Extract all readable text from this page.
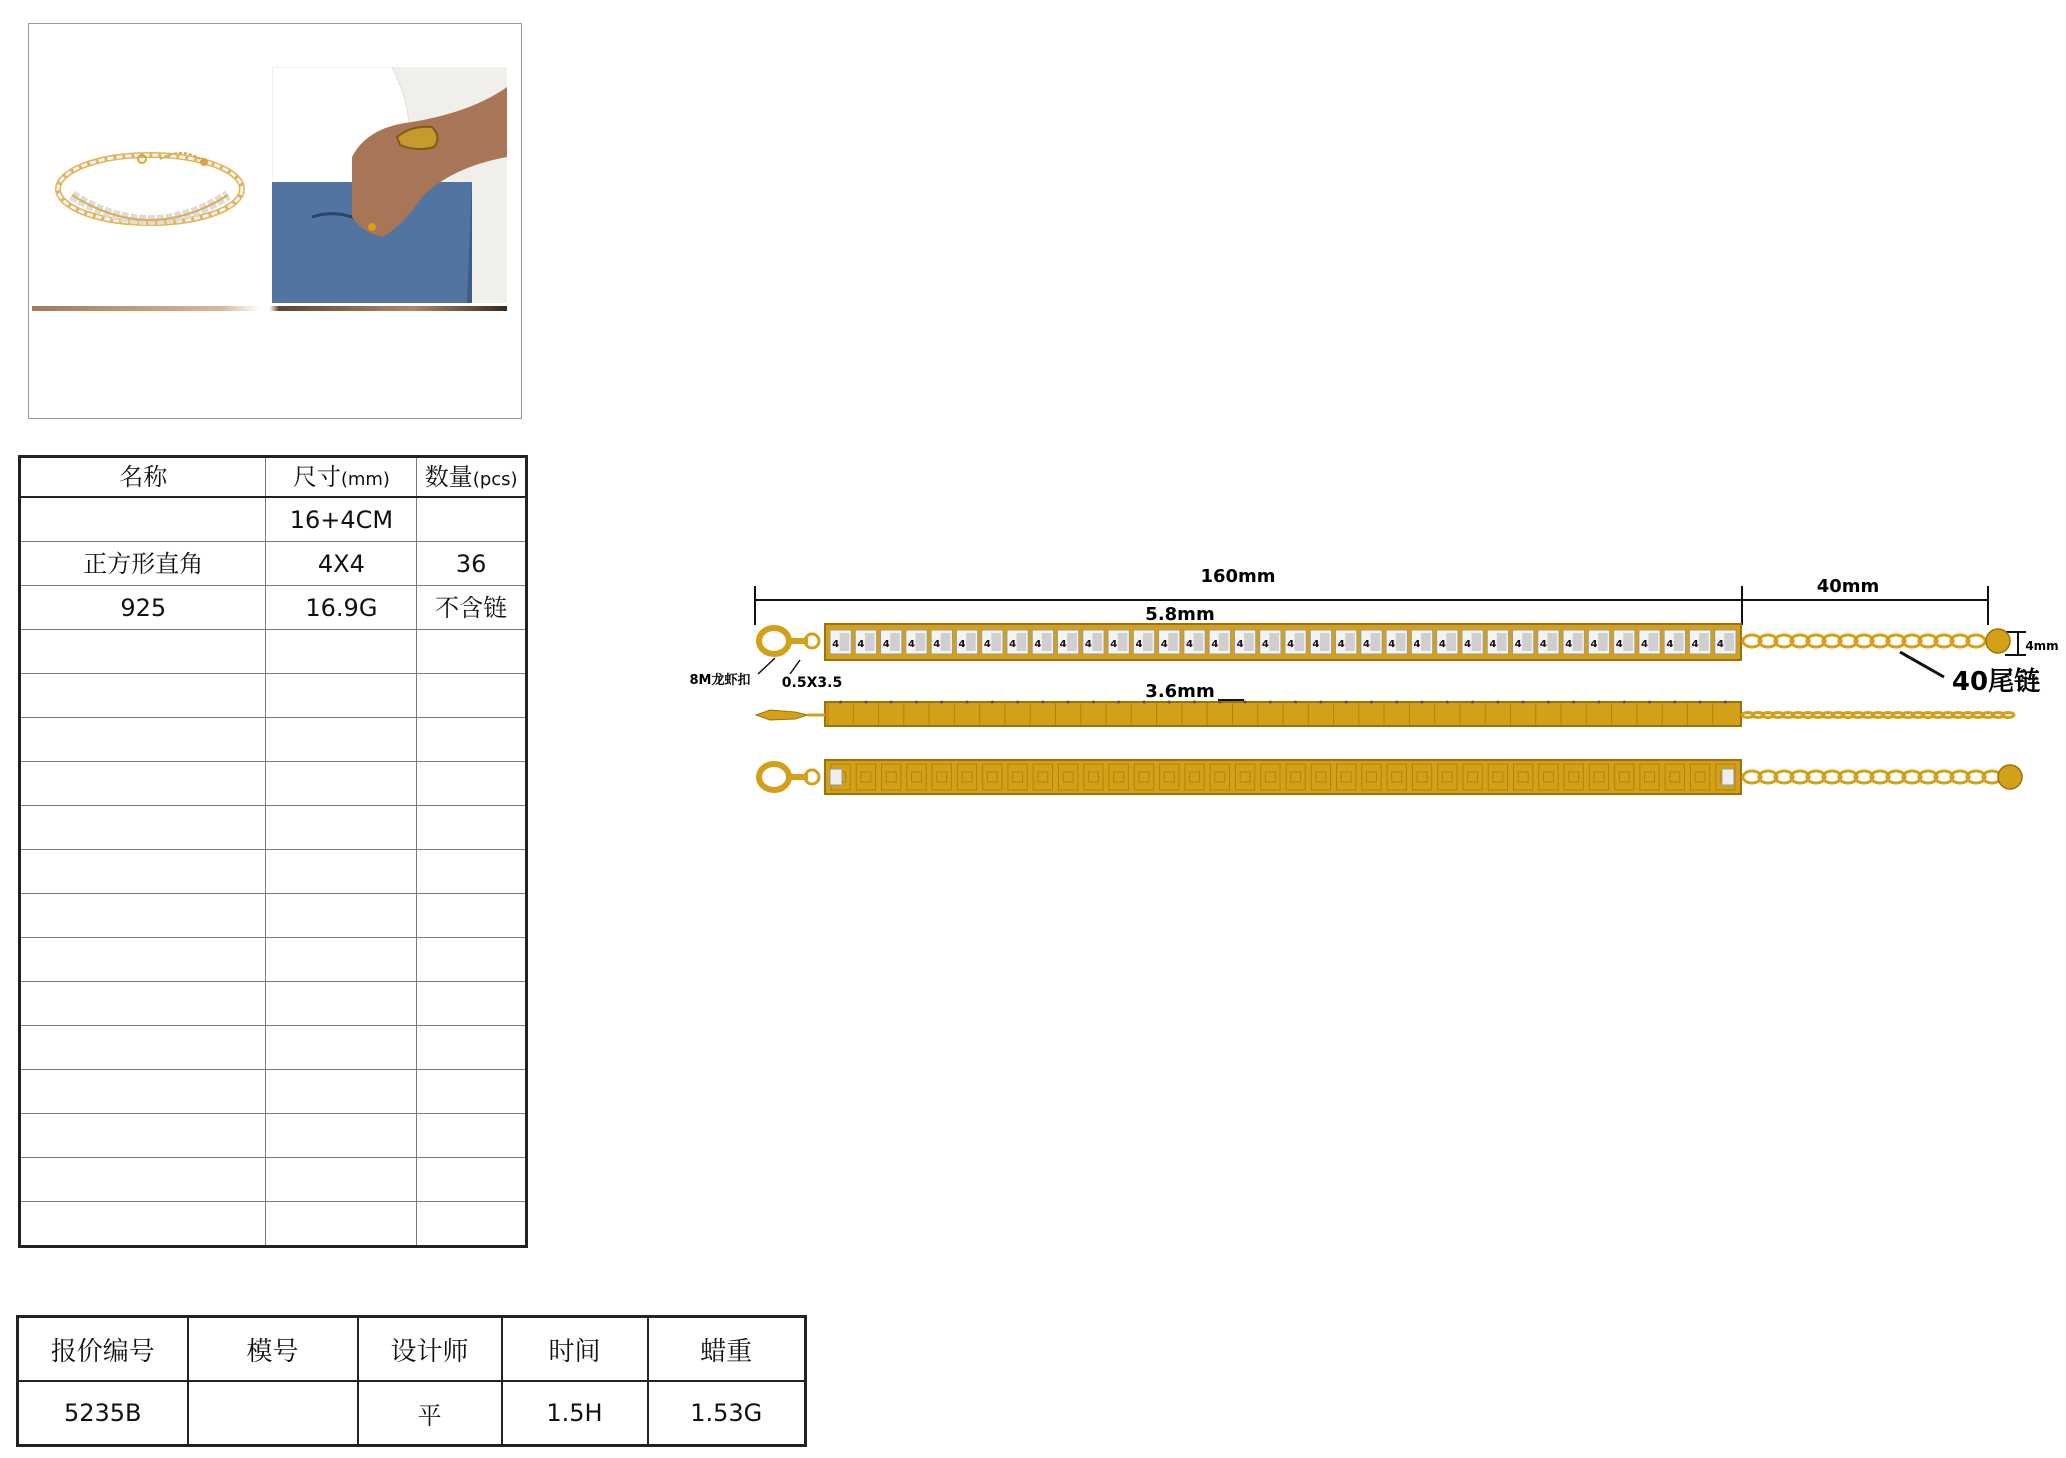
名称	尺寸(mm)	数量(pcs)
	16+4CM	
正方形直角	4X4	36
925	16.9G	不含链

报价编号	模号	设计师	时间	蜡重
5235B		平	1.5H	1.53G
4 4 4 4 4 4 4 4 4 4 4 4 4 4 4 4 4 4 4 4 4 4 4 4 4 4 4 4 4 4 4 4 4 4 4 4
160mm	40mm
5.8mm
3.6mm
8M龙虾扣 0.5X3.5
4mm
40尾链
